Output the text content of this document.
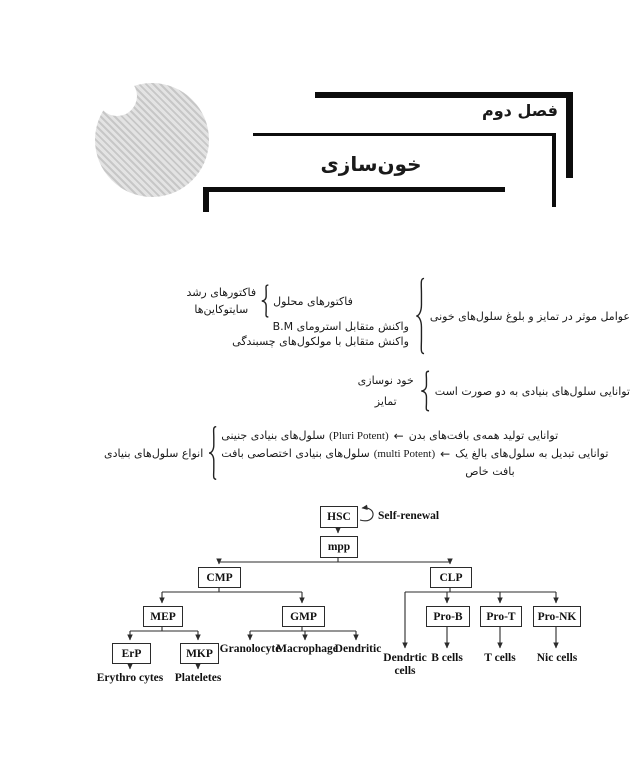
فصل دوم
خون‌سازی
فاکتورهای رشد
سایتوکاین‌ها
فاکتورهای محلول
واکنش متقابل استرومای B.M
واکنش متقابل با مولکول‌های چسبندگی
عوامل موثر در تمایز و بلوغ سلول‌های خونی
خود نوسازی
تمایز
توانایی سلول‌های بنیادی به دو صورت است
انواع سلول‌های بنیادی
سلول‌های بنیادی جنینی (Pluri Potent) ← توانایی تولید همه‌ی بافت‌های بدن
سلول‌های بنیادی اختصاصی بافت (multi Potent) ← توانایی تبدیل به سلول‌های بالغ یک
بافت خاص
HSC	Self-renewal
mpp
CMP	CLP
MEP	GMP	Pro-B	Pro-T	Pro-NK
ErP	MKP Granolocyte
Macrophage
Dendritic
Erythro cytes Plateletes
Dendrtic
cells
B cells T cells Nic cells
